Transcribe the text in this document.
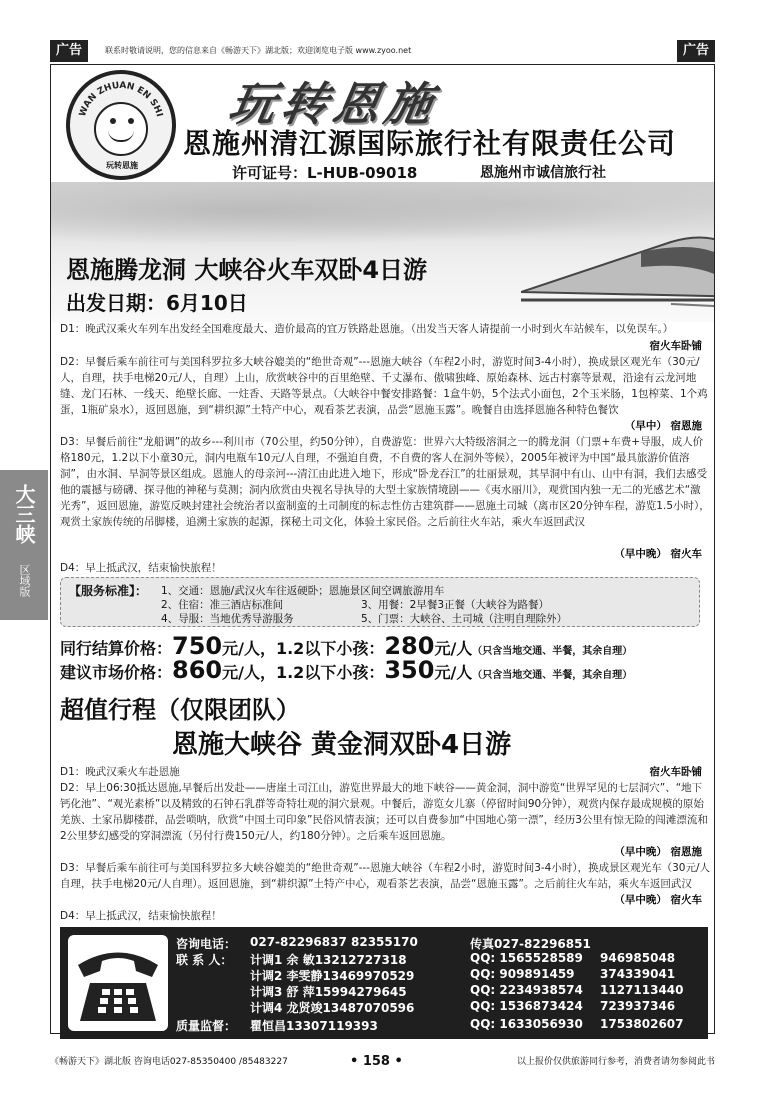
广告	联系时敬请说明，您的信息来自《畅游天下》湖北版；欢迎浏览电子版 www.zyoo.net	广告
大三峡
区域版
玩转恩施
WAN ZHUAN EN SHI 玩转恩施
恩施州清江源国际旅行社有限责任公司
许可证号：L-HUB-09018	恩施州市诚信旅行社
恩施腾龙洞 大峡谷火车双卧4日游
出发日期：6月10日
D1：晚武汉乘火车列车出发经全国难度最大、造价最高的宜万铁路赴恩施。（出发当天客人请提前一小时到火车站候车，以免误车。）
宿火车卧铺
D2：早餐后乘车前往可与美国科罗拉多大峡谷媲美的“绝世奇观”---恩施大峡谷（车程2小时，游览时间3-4小时），换成景区观光车（30元/人，自理，扶手电梯20元/人，自理）上山，欣赏峡谷中的百里绝壁、千丈瀑布、傲啸独峰、原始森林、远古村寨等景观，沿途有云龙河地缝、龙门石林、一线天、绝壁长廊、一炷香、天路等景点。（大峡谷中餐安排路餐：1盒牛奶，5个法式小面包，2个玉米肠，1包榨菜、1个鸡蛋，1瓶矿泉水），返回恩施，到“耕织源”土特产中心，观看茶艺表演，品尝“恩施玉露”。晚餐自由选择恩施各种特色餐饮
（早中） 宿恩施
D3：早餐后前往“龙船调”的故乡---利川市（70公里，约50分钟），自费游览：世界六大特级溶洞之一的腾龙洞（门票+车费+导服，成人价格180元，1.2以下小童30元，洞内电瓶车10元/人自理，不强迫自费，不自费的客人在洞外等候），2005年被评为中国“最具旅游价值溶洞”，由水洞、旱洞等景区组成。恩施人的母亲河---清江由此进入地下，形成“卧龙吞江”的壮丽景观，其旱洞中有山、山中有洞，我们去感受他的震撼与磅礴、探寻他的神秘与莫测；洞内欣赏由央视名导执导的大型土家族情境剧——《夷水丽川》，观赏国内独一无二的光感艺术“激光秀”，返回恩施，游览反映封建社会统治者以蛮制蛮的土司制度的标志性仿古建筑群——恩施土司城（离市区20分钟车程，游览1.5小时），观赏土家族传统的吊脚楼，追溯土家族的起源，探秘土司文化，体验土家民俗。之后前往火车站，乘火车返回武汉
（早中晚） 宿火车
D4：早上抵武汉，结束愉快旅程！
【服务标准】： 1、交通：恩施/武汉火车往返硬卧；恩施景区间空调旅游用车
2、住宿：准三酒店标准间	3、用餐：2早餐3正餐（大峡谷为路餐）
4、导服：当地优秀导游服务	5、门票：大峡谷、土司城（注明自理除外）
同行结算价格：750元/人，1.2以下小孩：280元/人（只含当地交通、半餐，其余自理）
建议市场价格：860元/人，1.2以下小孩：350元/人（只含当地交通、半餐，其余自理）
超值行程（仅限团队）
恩施大峡谷 黄金洞双卧4日游
D1：晚武汉乘火车赴恩施	宿火车卧铺
D2：早上06:30抵达恩施,早餐后出发赴——唐崖土司江山，游览世界最大的地下峡谷——黄金洞，洞中游览“世界罕见的七层洞穴”、“地下钙化池”、“观光素桥”以及精致的石钟石乳群等奇特壮观的洞穴景观。中餐后，游览女儿寨（停留时间90分钟），观赏内保存最成规模的原始羌族、土家吊脚楼群，品尝唢呐，欣赏“中国土司印象”民俗风情表演；还可以自费参加“中国地心第一漂”，经历3公里有惊无险的闯滩漂流和2公里梦幻感受的穿洞漂流（另付行费150元/人，约180分钟）。之后乘车返回恩施。
（早中晚） 宿恩施
D3：早餐后乘车前往可与美国科罗拉多大峡谷媲美的“绝世奇观”---恩施大峡谷（车程2小时，游览时间3-4小时），换成景区观光车（30元/人自理，扶手电梯20元/人自理）。返回恩施，到“耕织源”土特产中心，观看茶艺表演，品尝“恩施玉露”。之后前往火车站，乘火车返回武汉
（早中晚） 宿火车
D4：早上抵武汉，结束愉快旅程！
咨询电话： 027-82296837 82355170	传真027-82296851
联 系 人： 计调1 余 敏13212727318	QQ: 1565528589 946985048
计调2 李雯静13469970529	QQ: 909891459 374339041
计调3 舒 萍15994279645	QQ: 2234938574 1127113440
计调4 龙贤竣13487070596	QQ: 1536873424 723937346
质量监督： 瞿恒昌13307119393	QQ: 1633056930 1753802607
《畅游天下》湖北版 咨询电话027-85350400 /85483227	• 158 •	以上报价仅供旅游同行参考，消费者请勿参阅此书
